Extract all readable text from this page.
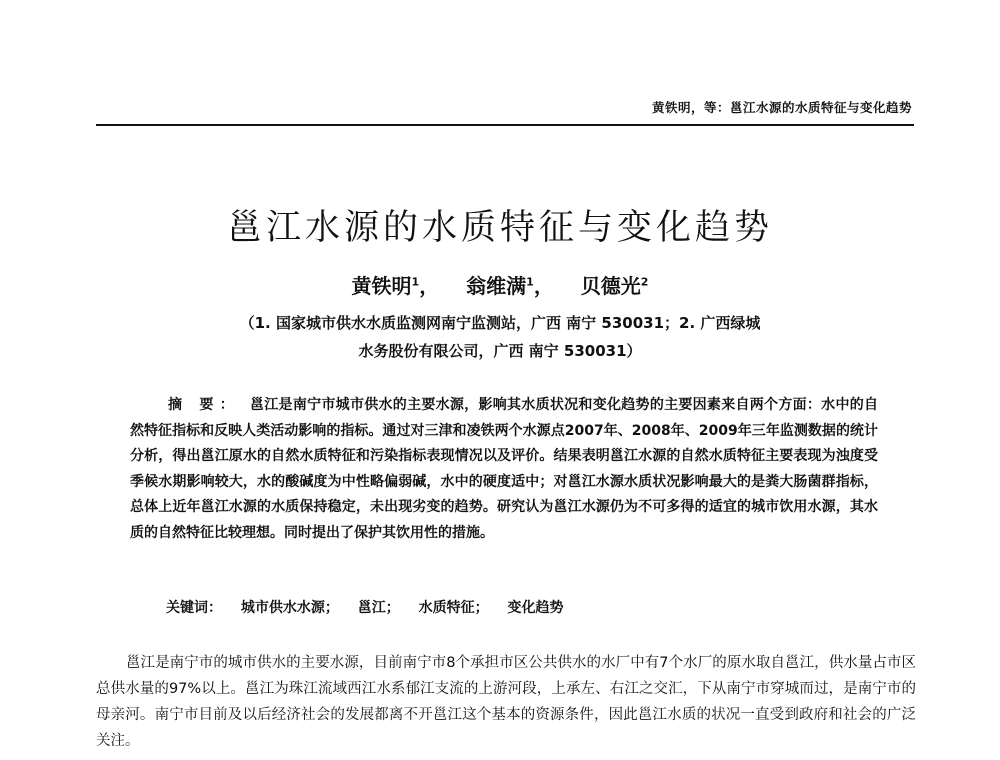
黄铁明，等：邕江水源的水质特征与变化趋势
邕江水源的水质特征与变化趋势
黄铁明$^1$， 翁维满$^1$， 贝德光$^2$
（1. 国家城市供水水质监测网南宁监测站，广西 南宁 530031；2. 广西绿城
水务股份有限公司，广西 南宁 530031）
摘 要： 邕江是南宁市城市供水的主要水源，影响其水质状况和变化趋势的主要因素来自两个方面：水中的自然特征指标和反映人类活动影响的指标。通过对三津和凌铁两个水源点2007年、2008年、2009年三年监测数据的统计分析，得出邕江原水的自然水质特征和污染指标表现情况以及评价。结果表明邕江水源的自然水质特征主要表现为浊度受季候水期影响较大，水的酸碱度为中性略偏弱碱，水中的硬度适中；对邕江水源水质状况影响最大的是粪大肠菌群指标，总体上近年邕江水源的水质保持稳定，未出现劣变的趋势。研究认为邕江水源仍为不可多得的适宜的城市饮用水源，其水质的自然特征比较理想。同时提出了保护其饮用性的措施。
关键词： 城市供水水源； 邕江； 水质特征； 变化趋势
邕江是南宁市的城市供水的主要水源，目前南宁市8个承担市区公共供水的水厂中有7个水厂的原水取自邕江，供水量占市区总供水量的97%以上。邕江为珠江流域西江水系郁江支流的上游河段，上承左、右江之交汇，下从南宁市穿城而过，是南宁市的母亲河。南宁市目前及以后经济社会的发展都离不开邕江这个基本的资源条件，因此邕江水质的状况一直受到政府和社会的广泛关注。
